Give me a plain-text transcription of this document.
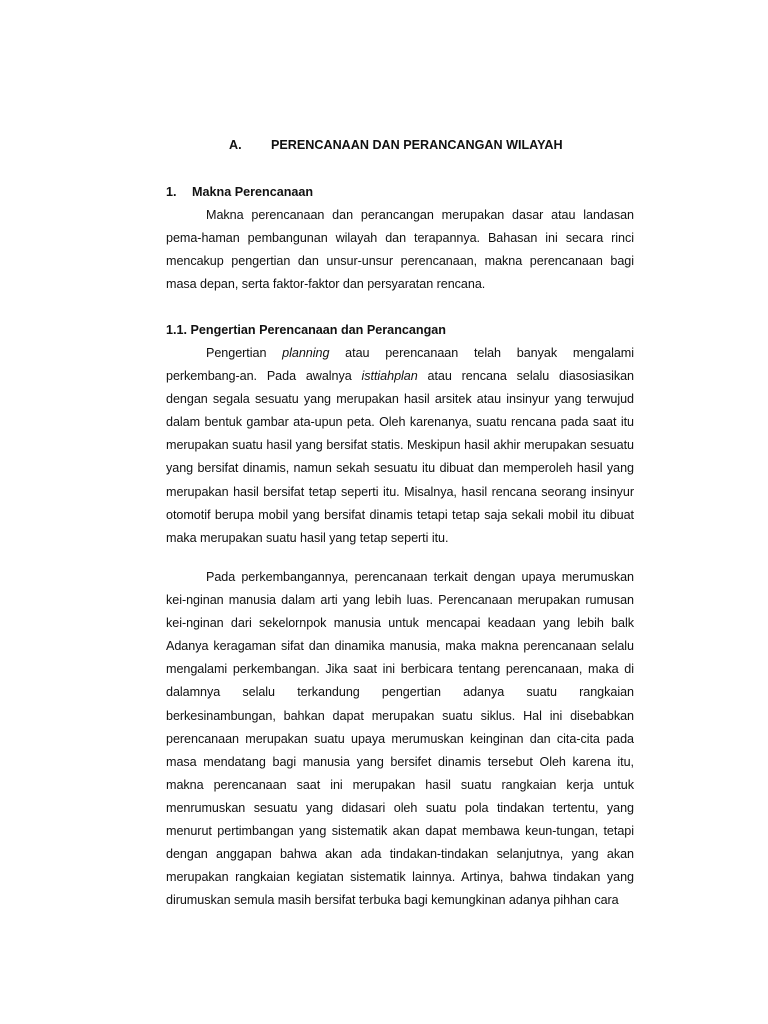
A. PERENCANAAN DAN PERANCANGAN WILAYAH
1. Makna Perencanaan

Makna perencanaan dan perancangan merupakan dasar atau landasan pema-haman pembangunan wilayah dan terapannya. Bahasan ini secara rinci mencakup pengertian dan unsur-unsur perencanaan, makna perencanaan bagi masa depan, serta faktor-faktor dan persyaratan rencana.

1.1. Pengertian Perencanaan dan Perancangan

Pengertian planning atau perencanaan telah banyak mengalami perkembang-an. Pada awalnya isttiahplan atau rencana selalu diasosiasikan dengan segala sesuatu yang merupakan hasil arsitek atau insinyur yang terwujud dalam bentuk gambar ata-upun peta. Oleh karenanya, suatu rencana pada saat itu merupakan suatu hasil yang bersifat statis. Meskipun hasil akhir merupakan sesuatu yang bersifat dinamis, namun sekah sesuatu itu dibuat dan memperoleh hasil yang merupakan hasil bersifat tetap seperti itu. Misalnya, hasil rencana seorang insinyur otomotif berupa mobil yang bersifat dinamis tetapi tetap saja sekali mobil itu dibuat maka merupakan suatu hasil yang tetap seperti itu.

Pada perkembangannya, perencanaan terkait dengan upaya merumuskan kei-nginan manusia dalam arti yang lebih luas. Perencanaan merupakan rumusan kei-nginan dari sekelornpok manusia untuk mencapai keadaan yang lebih balk Adanya keragaman sifat dan dinamika manusia, maka makna perencanaan selalu mengalami perkembangan. Jika saat ini berbicara tentang perencanaan, maka di dalamnya selalu terkandung pengertian adanya suatu rangkaian berkesinambungan, bahkan dapat merupakan suatu siklus. Hal ini disebabkan perencanaan merupakan suatu upaya merumuskan keinginan dan cita-cita pada masa mendatang bagi manusia yang bersifet dinamis tersebut Oleh karena itu, makna perencanaan saat ini merupakan hasil suatu rangkaian kerja untuk menrumuskan sesuatu yang didasari oleh suatu pola tindakan tertentu, yang menurut pertimbangan yang sistematik akan dapat membawa keun-tungan, tetapi dengan anggapan bahwa akan ada tindakan-tindakan selanjutnya, yang akan merupakan rangkaian kegiatan sistematik lainnya. Artinya, bahwa tindakan yang dirumuskan semula masih bersifat terbuka bagi kemungkinan adanya pihhan cara
